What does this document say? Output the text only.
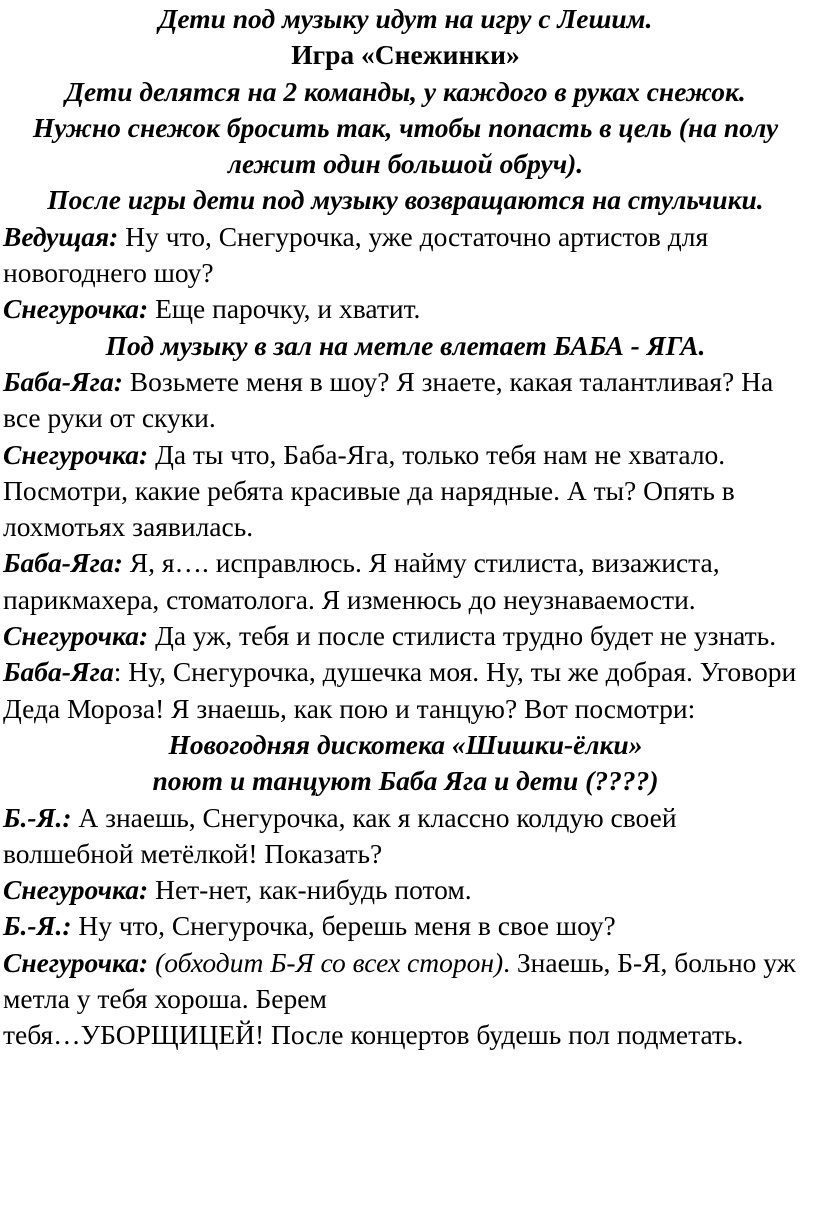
Дети под музыку идут на игру с Лешим.

Игра «Снежинки»

Дети делятся на 2 команды, у каждого в руках снежок.

Нужно снежок бросить так, чтобы попасть в цель (на полу лежит один большой обруч).

После игры дети под музыку возвращаются на стульчики.

Ведущая: Ну что, Снегурочка, уже достаточно артистов для новогоднего шоу?

Снегурочка: Еще парочку, и хватит.

Под музыку в зал на метле влетает БАБА - ЯГА.

Баба-Яга: Возьмете меня в шоу? Я знаете, какая талантливая? На все руки от скуки.

Снегурочка: Да ты что, Баба-Яга, только тебя нам не хватало. Посмотри, какие ребята красивые да нарядные. А ты? Опять в лохмотьях заявилась.

Баба-Яга: Я, я…. исправлюсь. Я найму стилиста, визажиста, парикмахера, стоматолога. Я изменюсь до неузнаваемости.

Снегурочка: Да уж, тебя и после стилиста трудно будет не узнать.

Баба-Яга: Ну, Снегурочка, душечка моя. Ну, ты же добрая. Уговори Деда Мороза! Я знаешь, как пою и танцую? Вот посмотри:

Новогодняя дискотека «Шишки-ёлки»

поют и танцуют Баба Яга и дети (????)

Б.-Я.: А знаешь, Снегурочка, как я классно колдую своей волшебной метёлкой! Показать?

Снегурочка: Нет-нет, как-нибудь потом.

Б.-Я.: Ну что, Снегурочка, берешь меня в свое шоу?

Снегурочка: (обходит Б-Я со всех сторон). Знаешь, Б-Я, больно уж метла у тебя хороша. Берем
тебя…УБОРЩИЦЕЙ! После концертов будешь пол подметать.
